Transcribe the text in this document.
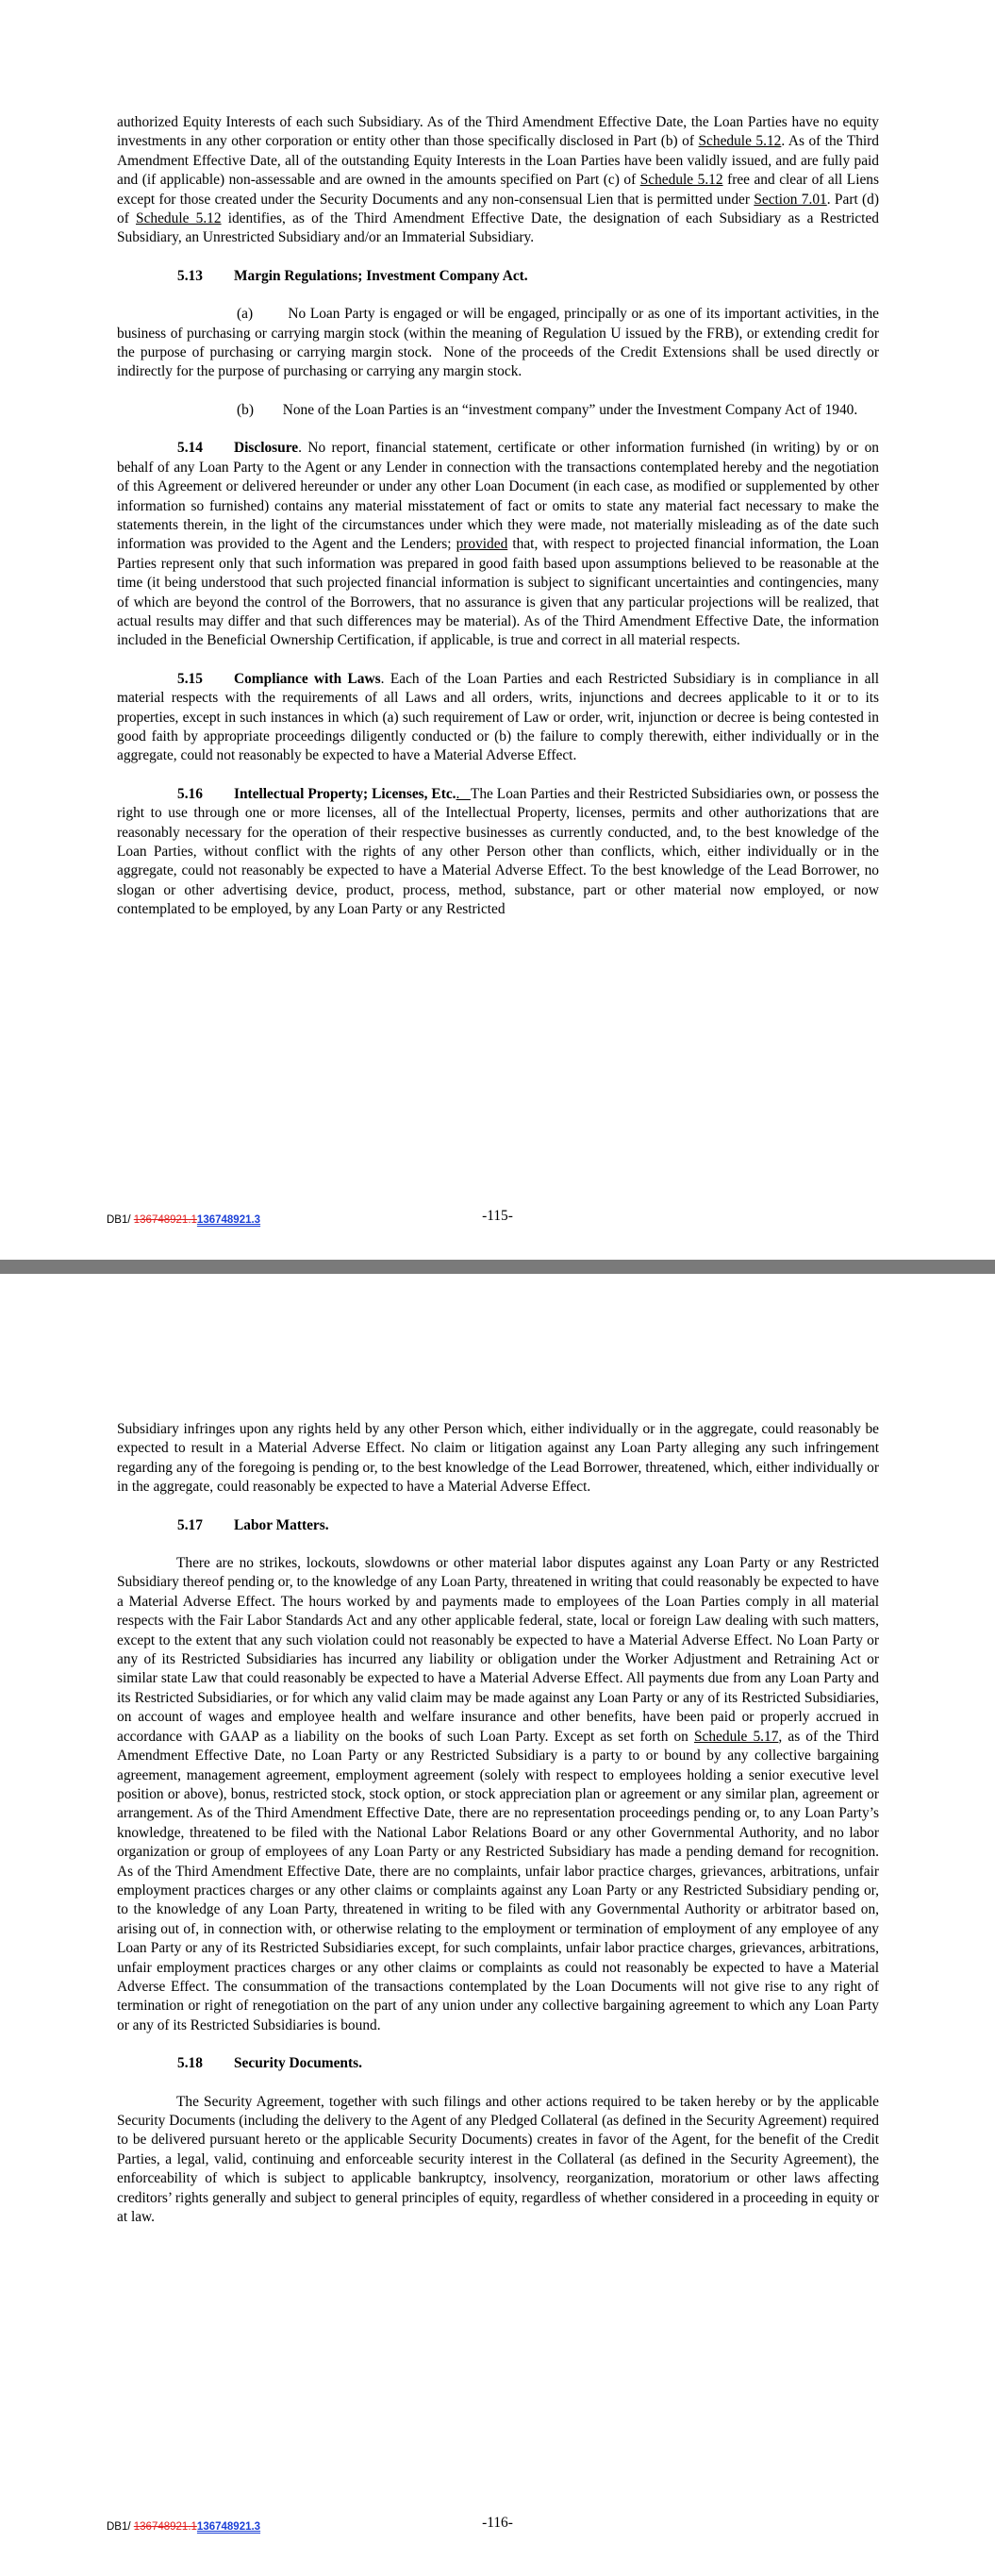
authorized Equity Interests of each such Subsidiary. As of the Third Amendment Effective Date, the Loan Parties have no equity investments in any other corporation or entity other than those specifically disclosed in Part (b) of Schedule 5.12. As of the Third Amendment Effective Date, all of the outstanding Equity Interests in the Loan Parties have been validly issued, and are fully paid and (if applicable) non-assessable and are owned in the amounts specified on Part (c) of Schedule 5.12 free and clear of all Liens except for those created under the Security Documents and any non-consensual Lien that is permitted under Section 7.01. Part (d) of Schedule 5.12 identifies, as of the Third Amendment Effective Date, the designation of each Subsidiary as a Restricted Subsidiary, an Unrestricted Subsidiary and/or an Immaterial Subsidiary.

5.13 Margin Regulations; Investment Company Act.

(a)        No Loan Party is engaged or will be engaged, principally or as one of its important activities, in the business of purchasing or carrying margin stock (within the meaning of Regulation U issued by the FRB), or extending credit for the purpose of purchasing or carrying margin stock.  None of the proceeds of the Credit Extensions shall be used directly or indirectly for the purpose of purchasing or carrying any margin stock.

(b)        None of the Loan Parties is an “investment company” under the Investment Company Act of 1940.

5.14 Disclosure. No report, financial statement, certificate or other information furnished (in writing) by or on behalf of any Loan Party to the Agent or any Lender in connection with the transactions contemplated hereby and the negotiation of this Agreement or delivered hereunder or under any other Loan Document (in each case, as modified or supplemented by other information so furnished) contains any material misstatement of fact or omits to state any material fact necessary to make the statements therein, in the light of the circumstances under which they were made, not materially misleading as of the date such information was provided to the Agent and the Lenders; provided that, with respect to projected financial information, the Loan Parties represent only that such information was prepared in good faith based upon assumptions believed to be reasonable at the time (it being understood that such projected financial information is subject to significant uncertainties and contingencies, many of which are beyond the control of the Borrowers, that no assurance is given that any particular projections will be realized, that actual results may differ and that such differences may be material). As of the Third Amendment Effective Date, the information included in the Beneficial Ownership Certification, if applicable, is true and correct in all material respects.

5.15 Compliance with Laws. Each of the Loan Parties and each Restricted Subsidiary is in compliance in all material respects with the requirements of all Laws and all orders, writs, injunctions and decrees applicable to it or to its properties, except in such instances in which (a) such requirement of Law or order, writ, injunction or decree is being contested in good faith by appropriate proceedings diligently conducted or (b) the failure to comply therewith, either individually or in the aggregate, could not reasonably be expected to have a Material Adverse Effect.

5.16 Intellectual Property; Licenses, Etc..   The Loan Parties and their Restricted Subsidiaries own, or possess the right to use through one or more licenses, all of the Intellectual Property, licenses, permits and other authorizations that are reasonably necessary for the operation of their respective businesses as currently conducted, and, to the best knowledge of the Loan Parties, without conflict with the rights of any other Person other than conflicts, which, either individually or in the aggregate, could not reasonably be expected to have a Material Adverse Effect. To the best knowledge of the Lead Borrower, no slogan or other advertising device, product, process, method, substance, part or other material now employed, or now contemplated to be employed, by any Loan Party or any Restricted

DB1/ 136748921.1136748921.3	-115-

Subsidiary infringes upon any rights held by any other Person which, either individually or in the aggregate, could reasonably be expected to result in a Material Adverse Effect. No claim or litigation against any Loan Party alleging any such infringement regarding any of the foregoing is pending or, to the best knowledge of the Lead Borrower, threatened, which, either individually or in the aggregate, could reasonably be expected to have a Material Adverse Effect.

5.17 Labor Matters.

There are no strikes, lockouts, slowdowns or other material labor disputes against any Loan Party or any Restricted Subsidiary thereof pending or, to the knowledge of any Loan Party, threatened in writing that could reasonably be expected to have a Material Adverse Effect. The hours worked by and payments made to employees of the Loan Parties comply in all material respects with the Fair Labor Standards Act and any other applicable federal, state, local or foreign Law dealing with such matters, except to the extent that any such violation could not reasonably be expected to have a Material Adverse Effect. No Loan Party or any of its Restricted Subsidiaries has incurred any liability or obligation under the Worker Adjustment and Retraining Act or similar state Law that could reasonably be expected to have a Material Adverse Effect. All payments due from any Loan Party and its Restricted Subsidiaries, or for which any valid claim may be made against any Loan Party or any of its Restricted Subsidiaries, on account of wages and employee health and welfare insurance and other benefits, have been paid or properly accrued in accordance with GAAP as a liability on the books of such Loan Party. Except as set forth on Schedule 5.17, as of the Third Amendment Effective Date, no Loan Party or any Restricted Subsidiary is a party to or bound by any collective bargaining agreement, management agreement, employment agreement (solely with respect to employees holding a senior executive level position or above), bonus, restricted stock, stock option, or stock appreciation plan or agreement or any similar plan, agreement or arrangement. As of the Third Amendment Effective Date, there are no representation proceedings pending or, to any Loan Party’s knowledge, threatened to be filed with the National Labor Relations Board or any other Governmental Authority, and no labor organization or group of employees of any Loan Party or any Restricted Subsidiary has made a pending demand for recognition. As of the Third Amendment Effective Date, there are no complaints, unfair labor practice charges, grievances, arbitrations, unfair employment practices charges or any other claims or complaints against any Loan Party or any Restricted Subsidiary pending or, to the knowledge of any Loan Party, threatened in writing to be filed with any Governmental Authority or arbitrator based on, arising out of, in connection with, or otherwise relating to the employment or termination of employment of any employee of any Loan Party or any of its Restricted Subsidiaries except, for such complaints, unfair labor practice charges, grievances, arbitrations, unfair employment practices charges or any other claims or complaints as could not reasonably be expected to have a Material Adverse Effect. The consummation of the transactions contemplated by the Loan Documents will not give rise to any right of termination or right of renegotiation on the part of any union under any collective bargaining agreement to which any Loan Party or any of its Restricted Subsidiaries is bound.

5.18 Security Documents.

The Security Agreement, together with such filings and other actions required to be taken hereby or by the applicable Security Documents (including the delivery to the Agent of any Pledged Collateral (as defined in the Security Agreement) required to be delivered pursuant hereto or the applicable Security Documents) creates in favor of the Agent, for the benefit of the Credit Parties, a legal, valid, continuing and enforceable security interest in the Collateral (as defined in the Security Agreement), the enforceability of which is subject to applicable bankruptcy, insolvency, reorganization, moratorium or other laws affecting creditors’ rights generally and subject to general principles of equity, regardless of whether considered in a proceeding in equity or at law.

DB1/ 136748921.1136748921.3	-116-
